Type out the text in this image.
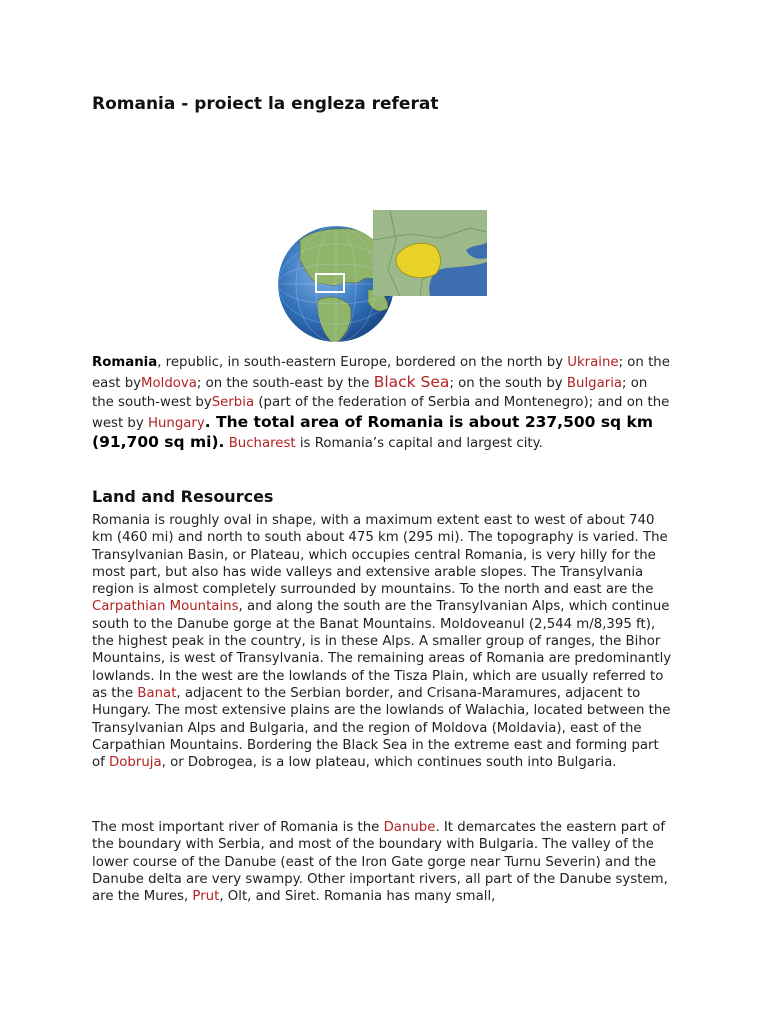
Romania - proiect la engleza referat

Romania, republic, in south-eastern Europe, bordered on the north by Ukraine; on the east byMoldova; on the south-east by the Black Sea; on the south by Bulgaria; on the south-west bySerbia (part of the federation of Serbia and Montenegro); and on the west by Hungary. The total area of Romania is about 237,500 sq km (91,700 sq mi). Bucharest is Romania’s capital and largest city.

Land and Resources

Romania is roughly oval in shape, with a maximum extent east to west of about 740 km (460 mi) and north to south about 475 km (295 mi). The topography is varied. The Transylvanian Basin, or Plateau, which occupies central Romania, is very hilly for the most part, but also has wide valleys and extensive arable slopes. The Transylvania region is almost completely surrounded by mountains. To the north and east are the Carpathian Mountains, and along the south are the Transylvanian Alps, which continue south to the Danube gorge at the Banat Mountains. Moldoveanul (2,544 m/8,395 ft), the highest peak in the country, is in these Alps. A smaller group of ranges, the Bihor Mountains, is west of Transylvania. The remaining areas of Romania are predominantly lowlands. In the west are the lowlands of the Tisza Plain, which are usually referred to as the Banat, adjacent to the Serbian border, and Crisana-Maramures, adjacent to Hungary. The most extensive plains are the lowlands of Walachia, located between the Transylvanian Alps and Bulgaria, and the region of Moldova (Moldavia), east of the Carpathian Mountains. Bordering the Black Sea in the extreme east and forming part of Dobruja, or Dobrogea, is a low plateau, which continues south into Bulgaria.

The most important river of Romania is the Danube. It demarcates the eastern part of the boundary with Serbia, and most of the boundary with Bulgaria. The valley of the lower course of the Danube (east of the Iron Gate gorge near Turnu Severin) and the Danube delta are very swampy. Other important rivers, all part of the Danube system, are the Mures, Prut, Olt, and Siret. Romania has many small,
